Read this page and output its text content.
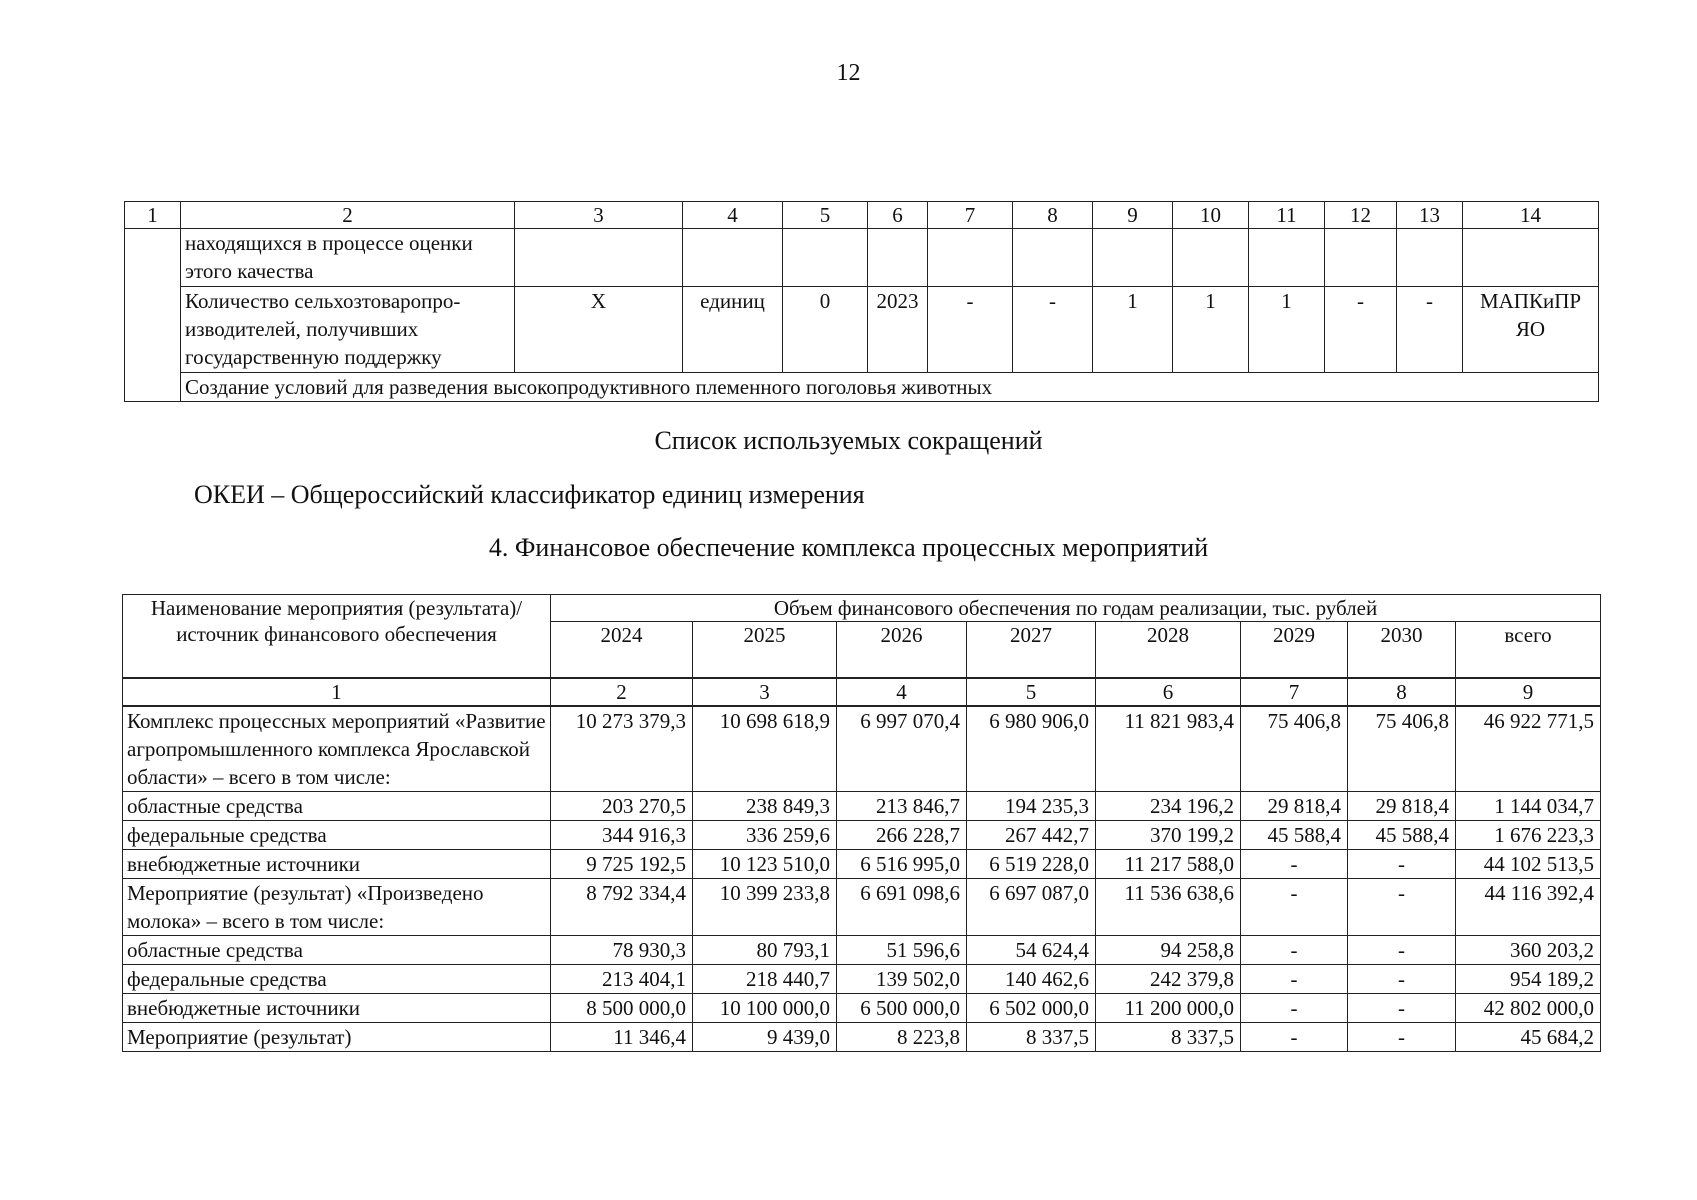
12
1	2	3	4	5	6	7	8	9	10	11	12	13	14
	находящихся в процессе оценки этого качества												
	Количество сельхозтоваропро- изводителей, получивших государственную поддержку	X	единиц	0	2023	-	-	1	1	1	-	-	МАПКиПР ЯО
	Создание условий для разведения высокопродуктивного племенного поголовья животных												
Список используемых сокращений
ОКЕИ – Общероссийский классификатор единиц измерения
4. Финансовое обеспечение комплекса процессных мероприятий
Наименование мероприятия (результата)/ источник финансового обеспечения	Объем финансового обеспечения по годам реализации, тыс. рублей							
	2024	2025	2026	2027	2028	2029	2030	всего
1	2	3	4	5	6	7	8	9
Комплекс процессных мероприятий «Развитие агропромышленного комплекса Ярославской области» – всего в том числе:	10 273 379,3	10 698 618,9	6 997 070,4	6 980 906,0	11 821 983,4	75 406,8	75 406,8	46 922 771,5
областные средства	203 270,5	238 849,3	213 846,7	194 235,3	234 196,2	29 818,4	29 818,4	1 144 034,7
федеральные средства	344 916,3	336 259,6	266 228,7	267 442,7	370 199,2	45 588,4	45 588,4	1 676 223,3
внебюджетные источники	9 725 192,5	10 123 510,0	6 516 995,0	6 519 228,0	11 217 588,0	-	-	44 102 513,5
Мероприятие (результат) «Произведено молока» – всего в том числе:	8 792 334,4	10 399 233,8	6 691 098,6	6 697 087,0	11 536 638,6	-	-	44 116 392,4
областные средства	78 930,3	80 793,1	51 596,6	54 624,4	94 258,8	-	-	360 203,2
федеральные средства	213 404,1	218 440,7	139 502,0	140 462,6	242 379,8	-	-	954 189,2
внебюджетные источники	8 500 000,0	10 100 000,0	6 500 000,0	6 502 000,0	11 200 000,0	-	-	42 802 000,0
Мероприятие (результат)	11 346,4	9 439,0	8 223,8	8 337,5	8 337,5	-	-	45 684,2
